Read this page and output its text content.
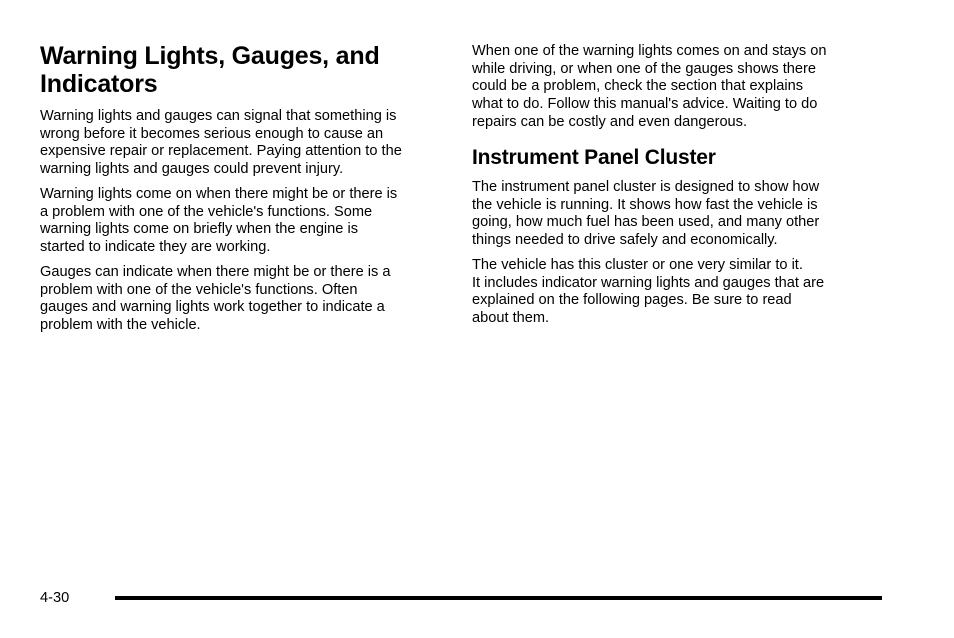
Warning Lights, Gauges, and
Indicators

Warning lights and gauges can signal that something is
wrong before it becomes serious enough to cause an
expensive repair or replacement. Paying attention to the
warning lights and gauges could prevent injury.

Warning lights come on when there might be or there is
a problem with one of the vehicle's functions. Some
warning lights come on briefly when the engine is
started to indicate they are working.

Gauges can indicate when there might be or there is a
problem with one of the vehicle's functions. Often
gauges and warning lights work together to indicate a
problem with the vehicle.

When one of the warning lights comes on and stays on
while driving, or when one of the gauges shows there
could be a problem, check the section that explains
what to do. Follow this manual's advice. Waiting to do
repairs can be costly and even dangerous.

Instrument Panel Cluster

The instrument panel cluster is designed to show how
the vehicle is running. It shows how fast the vehicle is
going, how much fuel has been used, and many other
things needed to drive safely and economically.

The vehicle has this cluster or one very similar to it.
It includes indicator warning lights and gauges that are
explained on the following pages. Be sure to read
about them.

4-30
